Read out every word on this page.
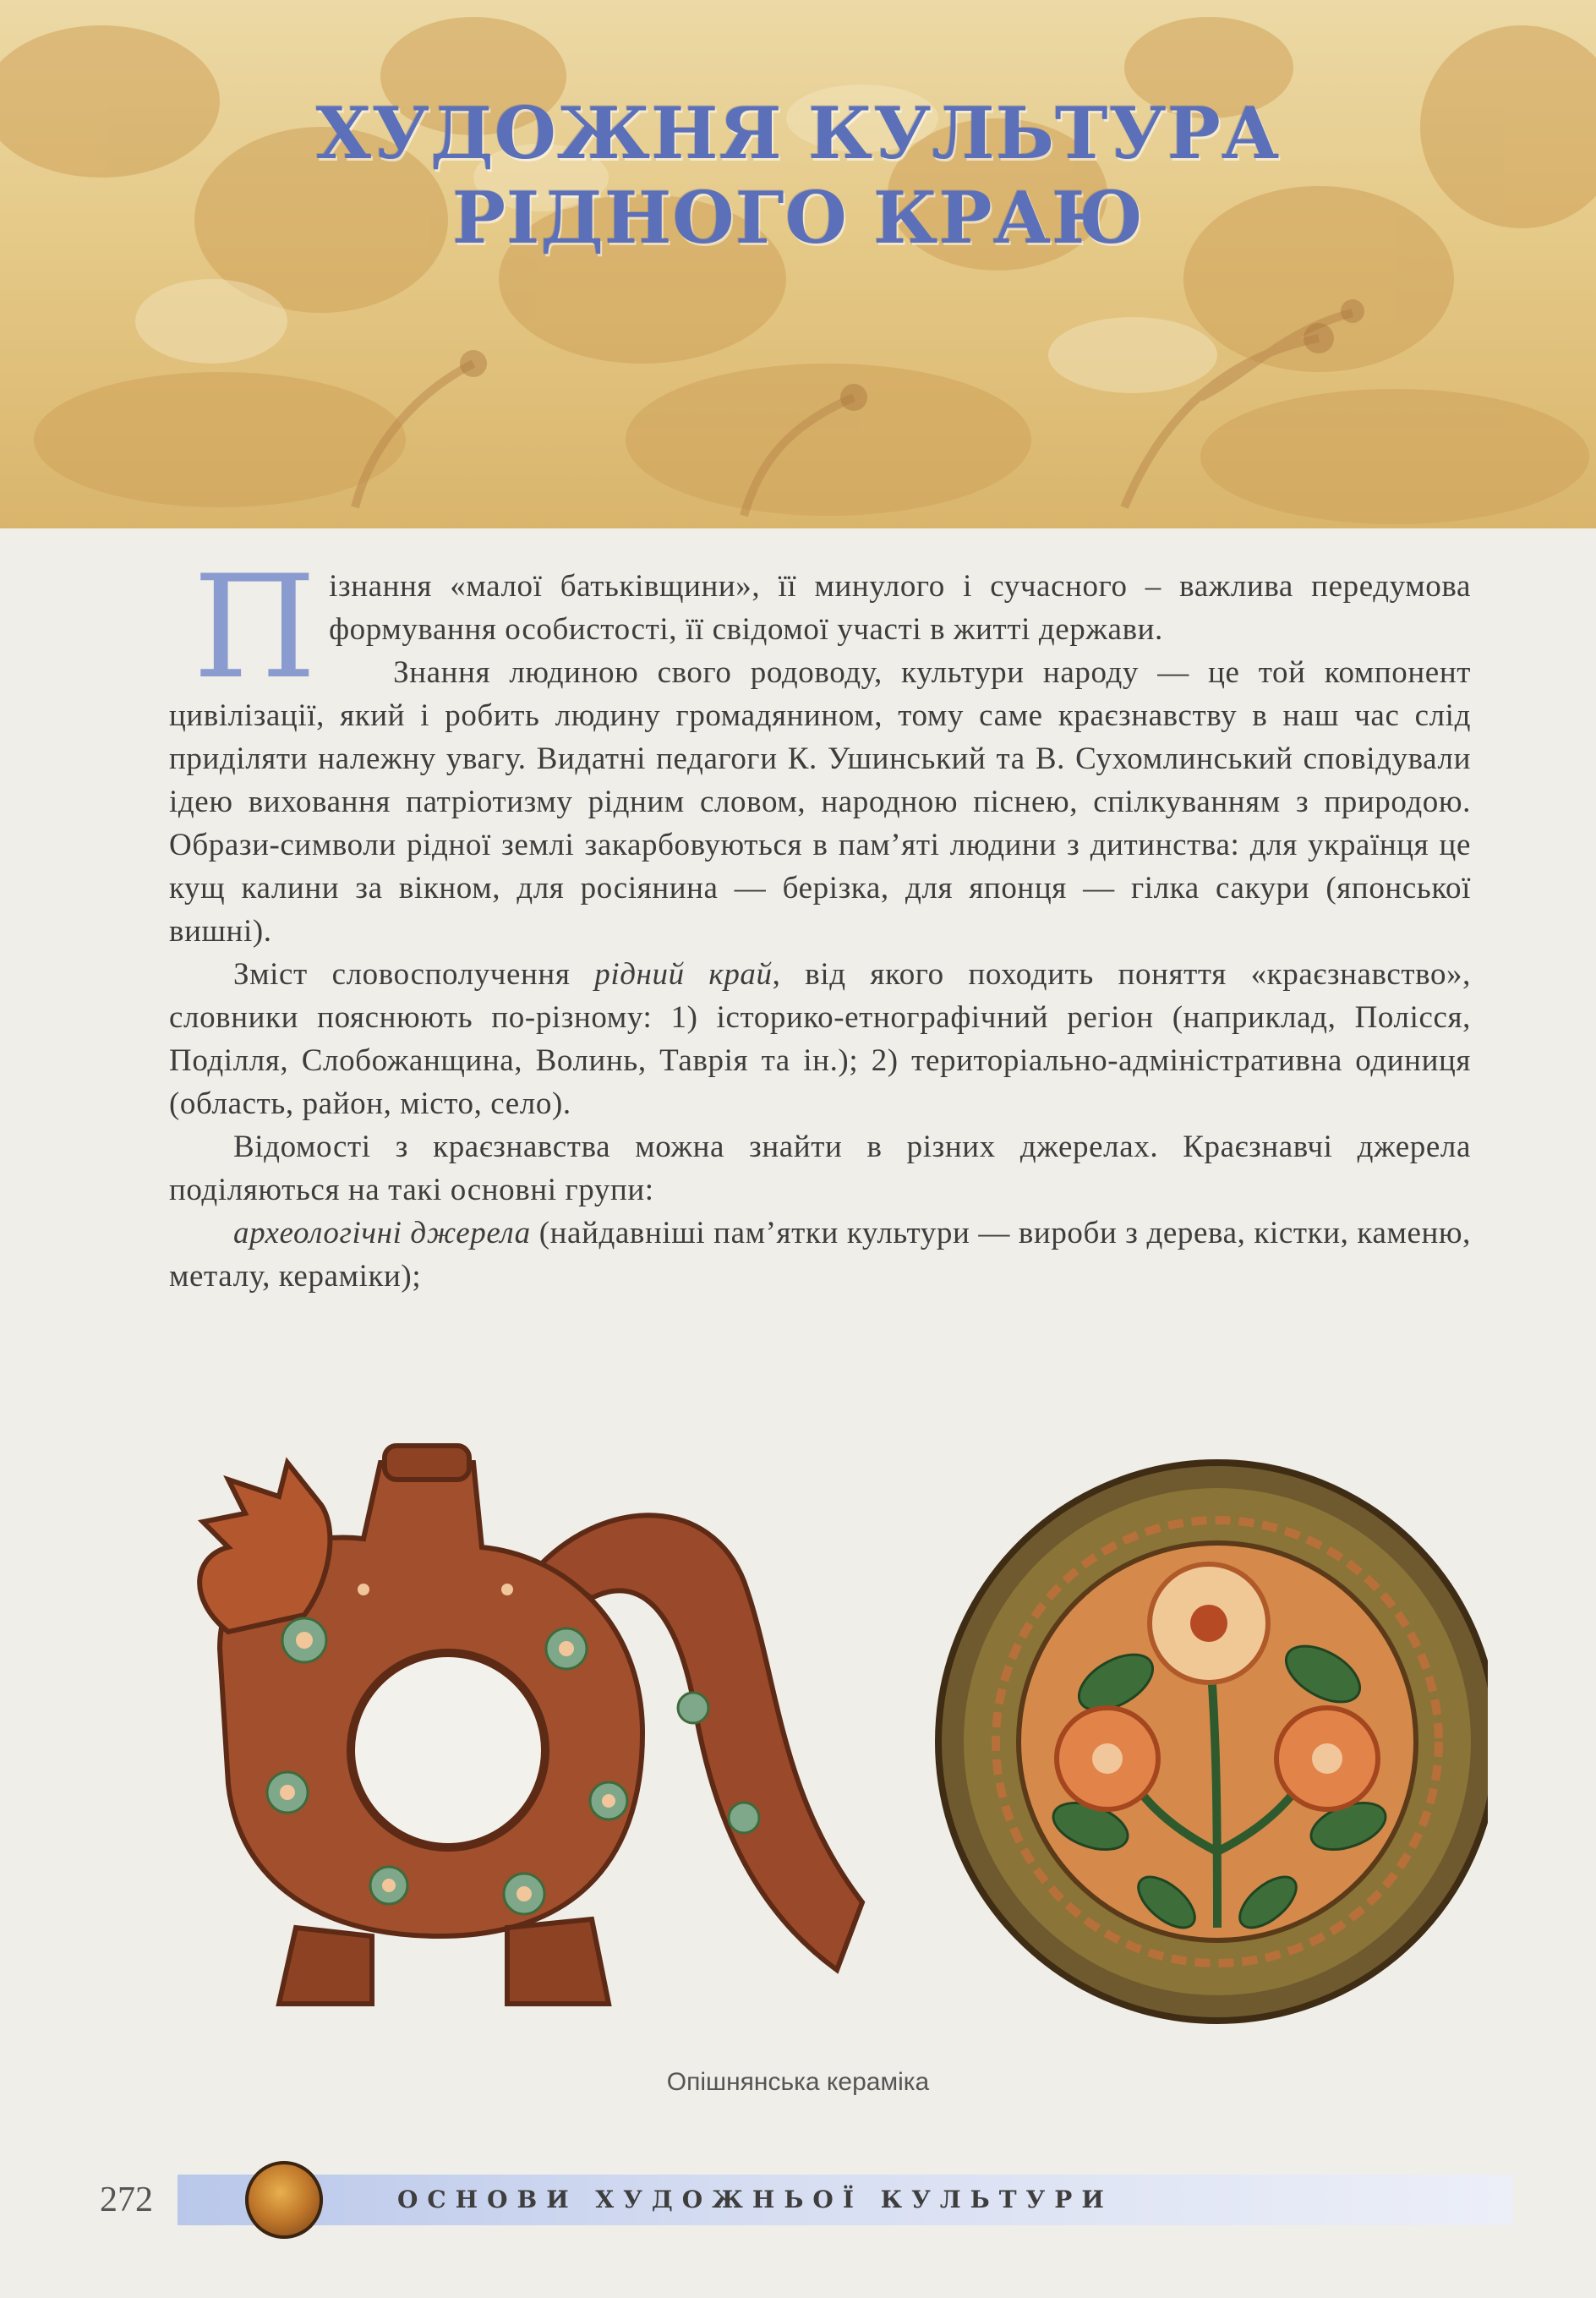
ХУДОЖНЯ КУЛЬТУРА
РІДНОГО КРАЮ

Пізнання «малої батьківщини», її минулого і сучасного – важлива передумова формування особистості, її свідомої участі в житті держави.

Знання людиною свого родоводу, культури народу — це той компонент цивілізації, який і робить людину громадянином, тому саме краєзнавству в наш час слід приділяти належну увагу. Видатні педагоги К. Ушинський та В. Сухомлинський сповідували ідею виховання патріотизму рідним словом, народною піснею, спілкуванням з природою. Образи-символи рідної землі закарбовуються в пам’яті людини з дитинства: для українця це кущ калини за вікном, для росіянина — берізка, для японця — гілка сакури (японської вишні).

Зміст словосполучення рідний край, від якого походить поняття «краєзнавство», словники пояснюють по-різному: 1) історико-етнографічний регіон (наприклад, Полісся, Поділля, Слобожанщина, Волинь, Таврія та ін.); 2) територіально-адміністративна одиниця (область, район, місто, село).

Відомості з краєзнавства можна знайти в різних джерелах. Краєзнавчі джерела поділяються на такі основні групи:

археологічні джерела (найдавніші пам’ятки культури — вироби з дерева, кістки, каменю, металу, кераміки);

Опішнянська кераміка
272	ОСНОВИ ХУДОЖНЬОЇ КУЛЬТУРИ
